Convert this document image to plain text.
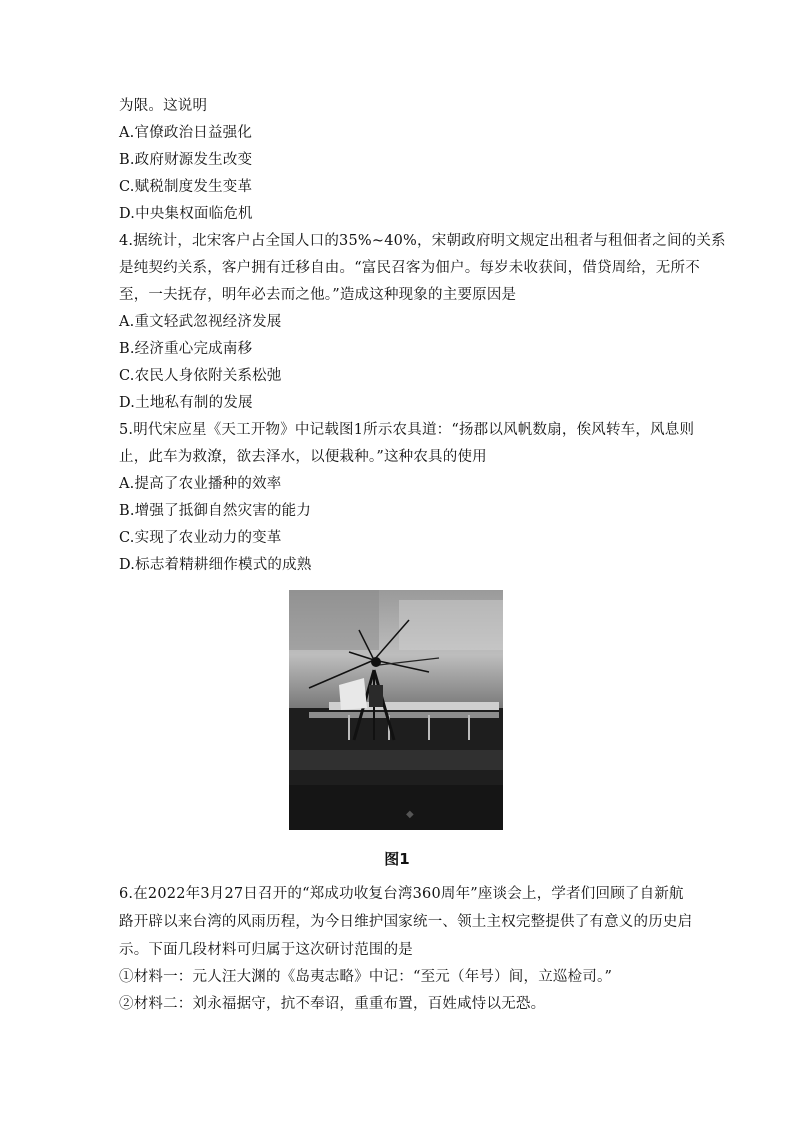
为限。这说明
A.官僚政治日益强化
B.政府财源发生改变
C.赋税制度发生变革
D.中央集权面临危机
4.据统计，北宋客户占全国人口的35%~40%，宋朝政府明文规定出租者与租佃者之间的关系
是纯契约关系，客户拥有迁移自由。“富民召客为佃户。每岁未收获间，借贷周给，无所不
至，一夫抚存，明年必去而之他。”造成这种现象的主要原因是
A.重文轻武忽视经济发展
B.经济重心完成南移
C.农民人身依附关系松弛
D.土地私有制的发展
5.明代宋应星《天工开物》中记载图1所示农具道：“扬郡以风帆数扇，俟风转车，风息则
止，此车为救潦，欲去泽水，以便栽种。”这种农具的使用
A.提高了农业播种的效率
B.增强了抵御自然灾害的能力
C.实现了农业动力的变革
D.标志着精耕细作模式的成熟
◆
图1
6.在2022年3月27日召开的“郑成功收复台湾360周年”座谈会上，学者们回顾了自新航
路开辟以来台湾的风雨历程，为今日维护国家统一、领土主权完整提供了有意义的历史启
示。下面几段材料可归属于这次研讨范围的是
①材料一：元人汪大渊的《岛夷志略》中记：“至元（年号）间，立巡检司。”
②材料二：刘永福据守，抗不奉诏，重重布置，百姓咸恃以无恐。
